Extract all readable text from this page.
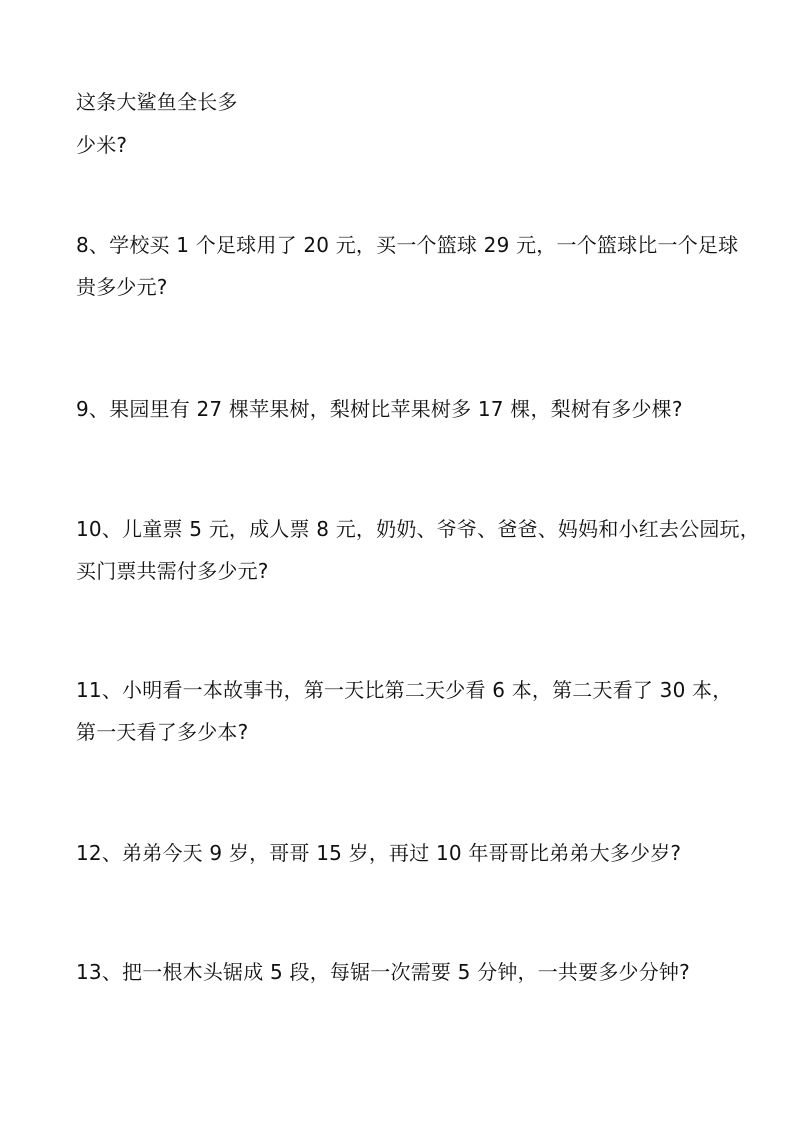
这条大鲨鱼全长多
少米?
8、学校买 1 个足球用了 20 元，买一个篮球 29 元，一个篮球比一个足球
贵多少元?
9、果园里有 27 棵苹果树，梨树比苹果树多 17 棵，梨树有多少棵?
10、儿童票 5 元，成人票 8 元，奶奶、爷爷、爸爸、妈妈和小红去公园玩，
买门票共需付多少元?
11、小明看一本故事书，第一天比第二天少看 6 本，第二天看了 30 本，
第一天看了多少本?
12、弟弟今天 9 岁，哥哥 15 岁，再过 10 年哥哥比弟弟大多少岁?
13、把一根木头锯成 5 段，每锯一次需要 5 分钟，一共要多少分钟?
